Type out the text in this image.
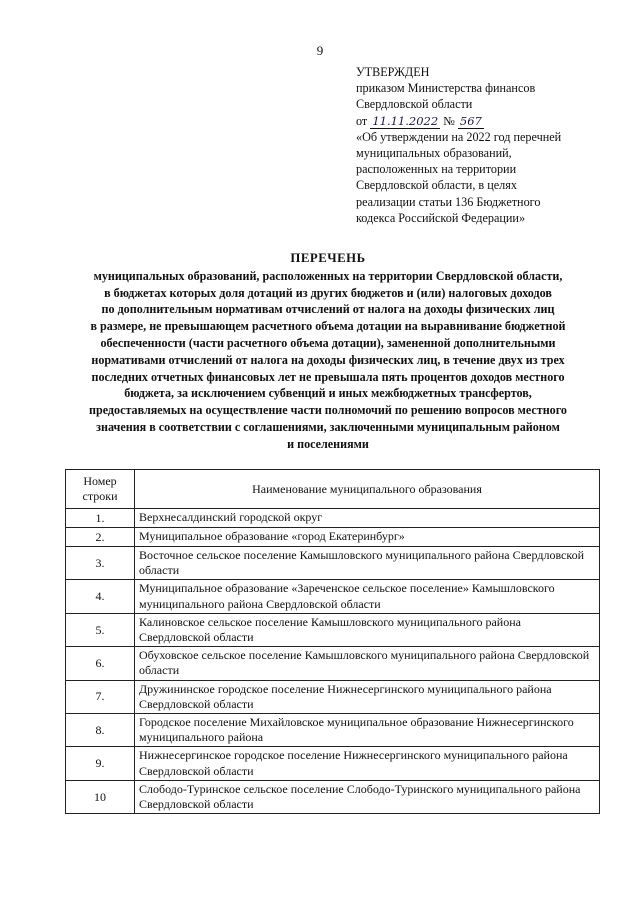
9
УТВЕРЖДЕН
приказом Министерства финансов
Свердловской области
от 11.11.2022 № 567
«Об утверждении на 2022 год перечней
муниципальных образований,
расположенных на территории
Свердловской области, в целях
реализации статьи 136 Бюджетного
кодекса Российской Федерации»
ПЕРЕЧЕНЬ
муниципальных образований, расположенных на территории Свердловской области,
в бюджетах которых доля дотаций из других бюджетов и (или) налоговых доходов
по дополнительным нормативам отчислений от налога на доходы физических лиц
в размере, не превышающем расчетного объема дотации на выравнивание бюджетной
обеспеченности (части расчетного объема дотации), замененной дополнительными
нормативами отчислений от налога на доходы физических лиц, в течение двух из трех
последних отчетных финансовых лет не превышала пять процентов доходов местного
бюджета, за исключением субвенций и иных межбюджетных трансфертов,
предоставляемых на осуществление части полномочий по решению вопросов местного
значения в соответствии с соглашениями, заключенными муниципальным районом
и поселениями
Номер строки	Наименование муниципального образования
1.	Верхнесалдинский городской округ
2.	Муниципальное образование «город Екатеринбург»
3.	Восточное сельское поселение Камышловского муниципального района Свердловской области
4.	Муниципальное образование «Зареченское сельское поселение» Камышловского муниципального района Свердловской области
5.	Калиновское сельское поселение Камышловского муниципального района Свердловской области
6.	Обуховское сельское поселение Камышловского муниципального района Свердловской области
7.	Дружининское городское поселение Нижнесергинского муниципального района Свердловской области
8.	Городское поселение Михайловское муниципальное образование Нижнесергинского муниципального района
9.	Нижнесергинское городское поселение Нижнесергинского муниципального района Свердловской области
10	Слободо-Туринское сельское поселение Слободо-Туринского муниципального района Свердловской области
